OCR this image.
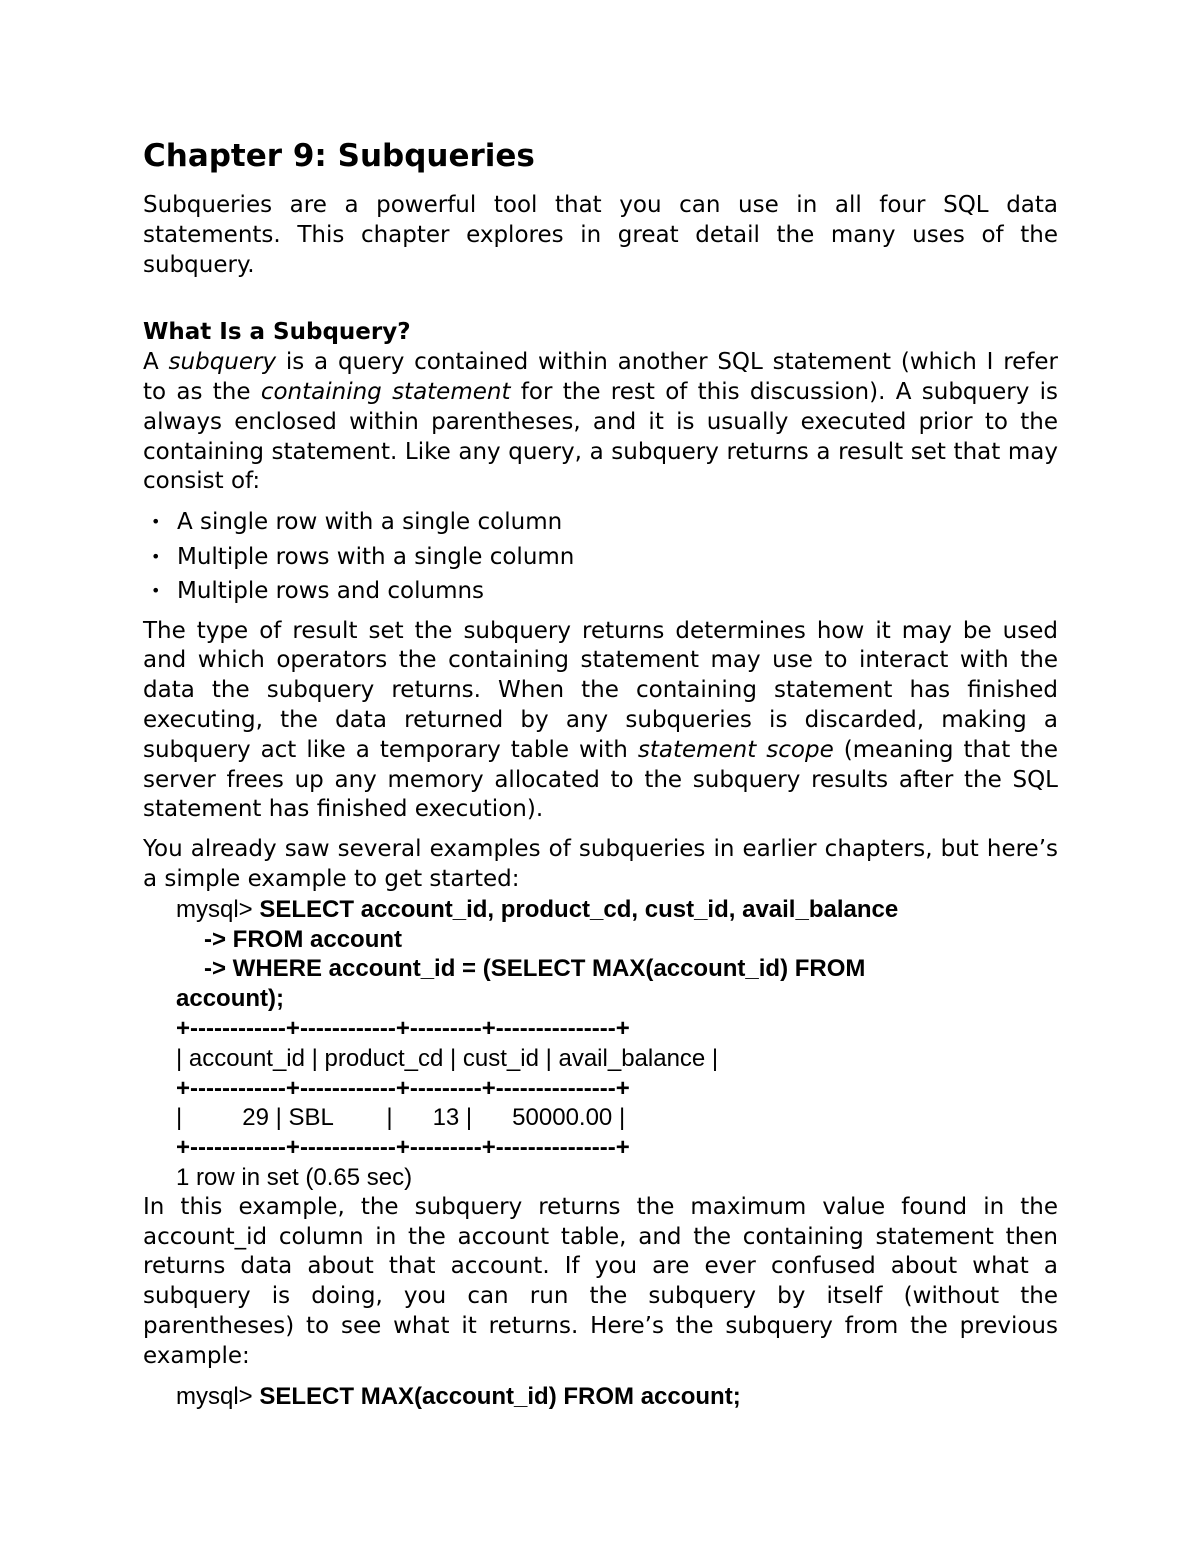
Chapter 9: Subqueries

Subqueries are a powerful tool that you can use in all four SQL data statements. This chapter explores in great detail the many uses of the subquery.

What Is a Subquery?

A subquery is a query contained within another SQL statement (which I refer to as the containing statement for the rest of this discussion). A subquery is always enclosed within parentheses, and it is usually executed prior to the containing statement. Like any query, a subquery returns a result set that may consist of:

• A single row with a single column
• Multiple rows with a single column
• Multiple rows and columns

The type of result set the subquery returns determines how it may be used and which operators the containing statement may use to interact with the data the subquery returns. When the containing statement has finished executing, the data returned by any subqueries is discarded, making a subquery act like a temporary table with statement scope (meaning that the server frees up any memory allocated to the subquery results after the SQL statement has finished execution).

You already saw several examples of subqueries in earlier chapters, but here’s a simple example to get started:

mysql> SELECT account_id, product_cd, cust_id, avail_balance
-> FROM account
-> WHERE account_id = (SELECT MAX(account_id) FROM
account);
+------------+------------+---------+---------------+
| account_id | product_cd | cust_id | avail_balance |
+------------+------------+---------+---------------+
|         29 | SBL        |      13 |      50000.00 |
+------------+------------+---------+---------------+
1 row in set (0.65 sec)

In this example, the subquery returns the maximum value found in the account_id column in the account table, and the containing statement then returns data about that account. If you are ever confused about what a subquery is doing, you can run the subquery by itself (without the parentheses) to see what it returns. Here’s the subquery from the previous example:

mysql> SELECT MAX(account_id) FROM account;
